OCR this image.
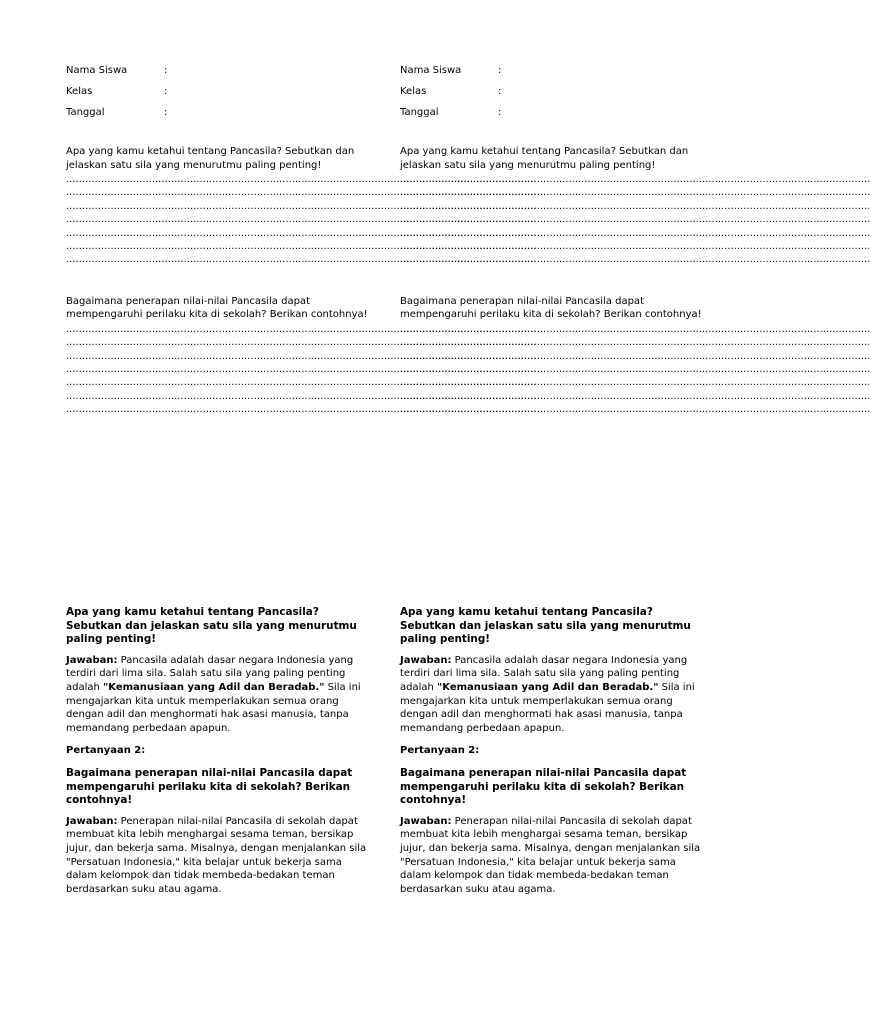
Nama Siswa	:
Kelas	:
Tanggal	:

Apa yang kamu ketahui tentang Pancasila? Sebutkan dan jelaskan satu sila yang menurutmu paling penting!

....................................................................................................................................................
....................................................................................................................................................
....................................................................................................................................................
....................................................................................................................................................
....................................................................................................................................................
....................................................................................................................................................
....................................................................................................................................................

Bagaimana penerapan nilai-nilai Pancasila dapat mempengaruhi perilaku kita di sekolah? Berikan contohnya!

....................................................................................................................................................
....................................................................................................................................................
....................................................................................................................................................
....................................................................................................................................................
....................................................................................................................................................
....................................................................................................................................................
....................................................................................................................................................
Nama Siswa	:
Kelas	:
Tanggal	:

Apa yang kamu ketahui tentang Pancasila? Sebutkan dan jelaskan satu sila yang menurutmu paling penting!

....................................................................................................................................................
....................................................................................................................................................
....................................................................................................................................................
....................................................................................................................................................
....................................................................................................................................................
....................................................................................................................................................
....................................................................................................................................................

Bagaimana penerapan nilai-nilai Pancasila dapat mempengaruhi perilaku kita di sekolah? Berikan contohnya!

....................................................................................................................................................
....................................................................................................................................................
....................................................................................................................................................
....................................................................................................................................................
....................................................................................................................................................
....................................................................................................................................................
....................................................................................................................................................

Apa yang kamu ketahui tentang Pancasila? Sebutkan dan jelaskan satu sila yang menurutmu paling penting!

Jawaban: Pancasila adalah dasar negara Indonesia yang terdiri dari lima sila. Salah satu sila yang paling penting adalah "Kemanusiaan yang Adil dan Beradab." Sila ini mengajarkan kita untuk memperlakukan semua orang dengan adil dan menghormati hak asasi manusia, tanpa memandang perbedaan apapun.

Pertanyaan 2:

Bagaimana penerapan nilai-nilai Pancasila dapat mempengaruhi perilaku kita di sekolah? Berikan contohnya!

Jawaban: Penerapan nilai-nilai Pancasila di sekolah dapat membuat kita lebih menghargai sesama teman, bersikap jujur, dan bekerja sama. Misalnya, dengan menjalankan sila "Persatuan Indonesia," kita belajar untuk bekerja sama dalam kelompok dan tidak membeda-bedakan teman berdasarkan suku atau agama.

Apa yang kamu ketahui tentang Pancasila? Sebutkan dan jelaskan satu sila yang menurutmu paling penting!

Jawaban: Pancasila adalah dasar negara Indonesia yang terdiri dari lima sila. Salah satu sila yang paling penting adalah "Kemanusiaan yang Adil dan Beradab." Sila ini mengajarkan kita untuk memperlakukan semua orang dengan adil dan menghormati hak asasi manusia, tanpa memandang perbedaan apapun.

Pertanyaan 2:

Bagaimana penerapan nilai-nilai Pancasila dapat mempengaruhi perilaku kita di sekolah? Berikan contohnya!

Jawaban: Penerapan nilai-nilai Pancasila di sekolah dapat membuat kita lebih menghargai sesama teman, bersikap jujur, dan bekerja sama. Misalnya, dengan menjalankan sila "Persatuan Indonesia," kita belajar untuk bekerja sama dalam kelompok dan tidak membeda-bedakan teman berdasarkan suku atau agama.
